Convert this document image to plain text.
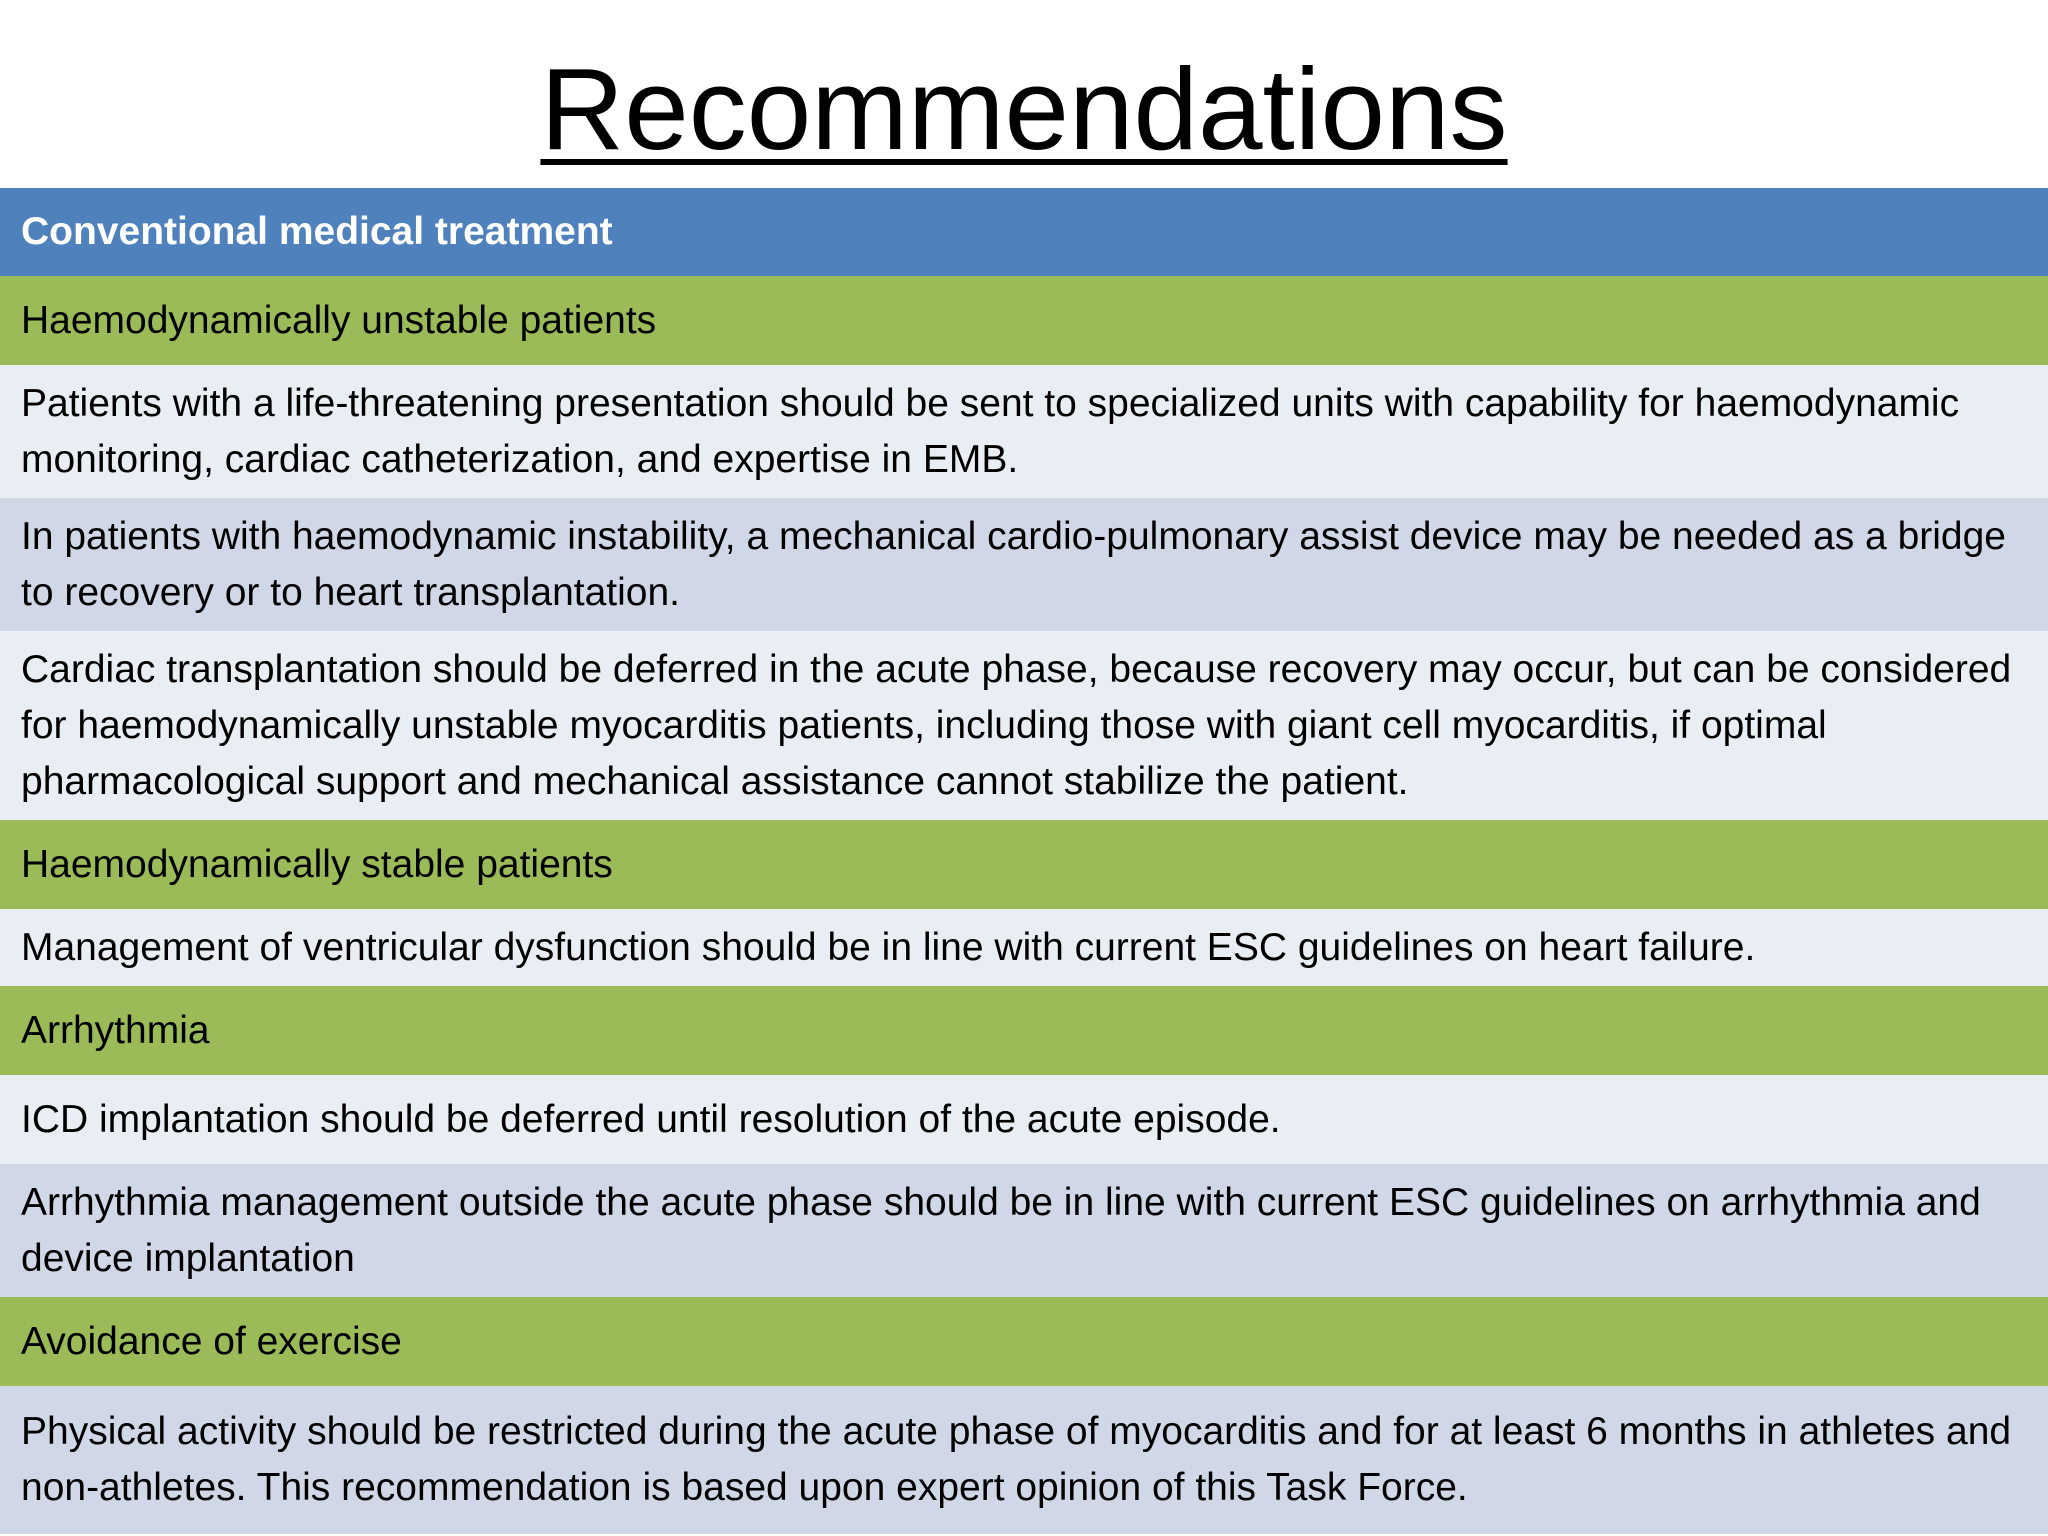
Recommendations
Conventional medical treatment
Haemodynamically unstable patients
Patients with a life-threatening presentation should be sent to specialized units with capability for haemodynamic monitoring, cardiac catheterization, and expertise in EMB.
In patients with haemodynamic instability, a mechanical cardio-pulmonary assist device may be needed as a bridge to recovery or to heart transplantation.
Cardiac transplantation should be deferred in the acute phase, because recovery may occur, but can be considered for haemodynamically unstable myocarditis patients, including those with giant cell myocarditis, if optimal pharmacological support and mechanical assistance cannot stabilize the patient.
Haemodynamically stable patients
Management of ventricular dysfunction should be in line with current ESC guidelines on heart failure.
Arrhythmia
ICD implantation should be deferred until resolution of the acute episode.
Arrhythmia management outside the acute phase should be in line with current ESC guidelines on arrhythmia and device implantation
Avoidance of exercise
Physical activity should be restricted during the acute phase of myocarditis and for at least 6 months in athletes and non-athletes. This recommendation is based upon expert opinion of this Task Force.
